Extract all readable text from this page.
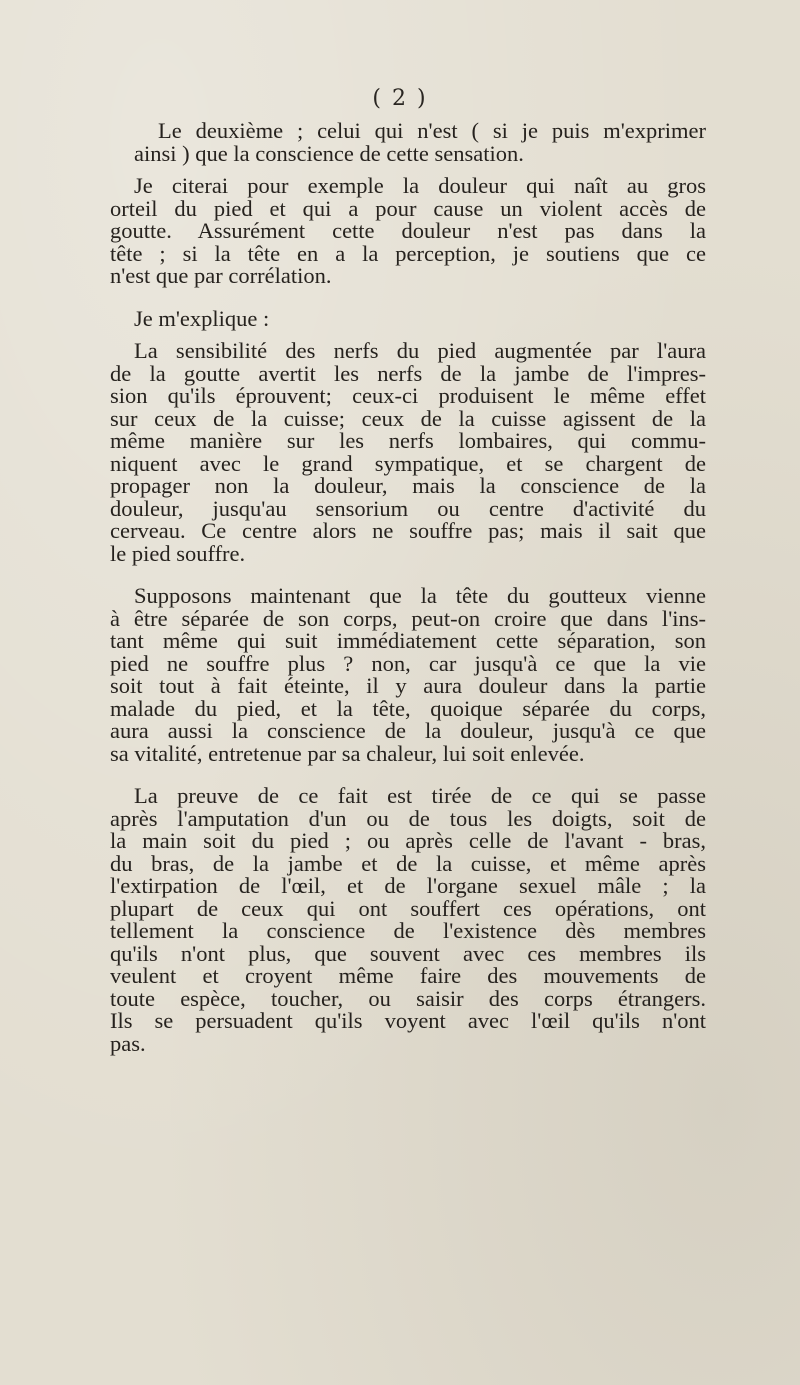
( 2 )

Le deuxième ; celui qui n'est ( si je puis m'exprimer
ainsi ) que la conscience de cette sensation.

Je citerai pour exemple la douleur qui naît au gros
orteil du pied et qui a pour cause un violent accès de
goutte. Assurément cette douleur n'est pas dans la
tête ; si la tête en a la perception, je soutiens que ce
n'est que par corrélation.

Je m'explique :

La sensibilité des nerfs du pied augmentée par l'aura
de la goutte avertit les nerfs de la jambe de l'impres-
sion qu'ils éprouvent; ceux-ci produisent le même effet
sur ceux de la cuisse; ceux de la cuisse agissent de la
même manière sur les nerfs lombaires, qui commu-
niquent avec le grand sympatique, et se chargent de
propager non la douleur, mais la conscience de la
douleur, jusqu'au sensorium ou centre d'activité du
cerveau. Ce centre alors ne souffre pas; mais il sait que
le pied souffre.

Supposons maintenant que la tête du goutteux vienne
à être séparée de son corps, peut-on croire que dans l'ins-
tant même qui suit immédiatement cette séparation, son
pied ne souffre plus ? non, car jusqu'à ce que la vie
soit tout à fait éteinte, il y aura douleur dans la partie
malade du pied, et la tête, quoique séparée du corps,
aura aussi la conscience de la douleur, jusqu'à ce que
sa vitalité, entretenue par sa chaleur, lui soit enlevée.

La preuve de ce fait est tirée de ce qui se passe
après l'amputation d'un ou de tous les doigts, soit de
la main soit du pied ; ou après celle de l'avant - bras,
du bras, de la jambe et de la cuisse, et même après
l'extirpation de l'œil, et de l'organe sexuel mâle ; la
plupart de ceux qui ont souffert ces opérations, ont
tellement la conscience de l'existence dès membres
qu'ils n'ont plus, que souvent avec ces membres ils
veulent et croyent même faire des mouvements de
toute espèce, toucher, ou saisir des corps étrangers.
Ils se persuadent qu'ils voyent avec l'œil qu'ils n'ont
pas.
